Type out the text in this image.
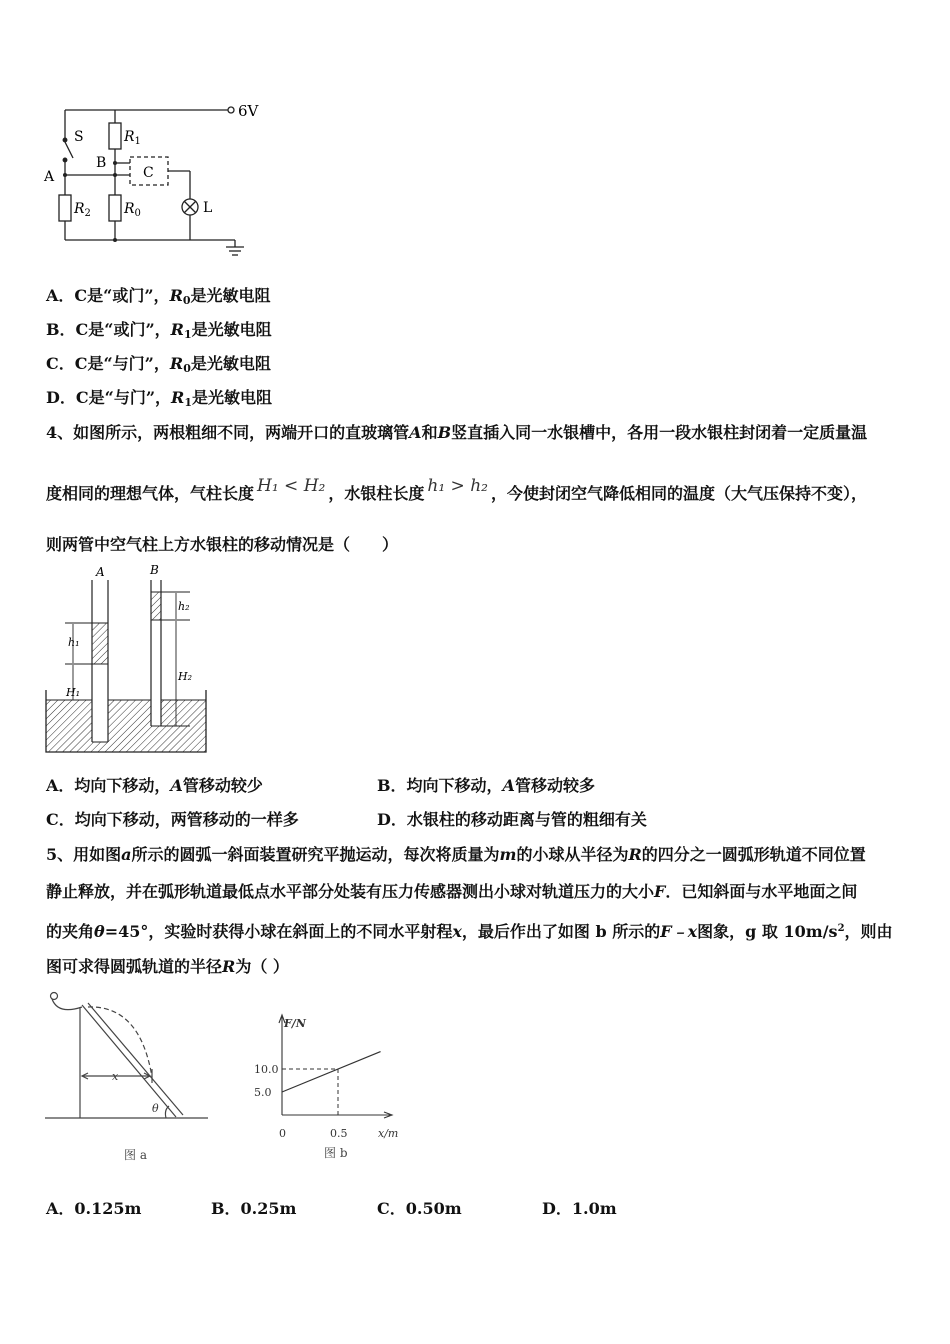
6V
S
A
B
$R_1$
$R_2$ $R_0$
C
L
A．C是“或门”，$R_0$是光敏电阻
B．C是“或门”，$R_1$是光敏电阻
C．C是“与门”，$R_0$是光敏电阻
D．C是“与门”，$R_1$是光敏电阻
4、如图所示，两根粗细不同，两端开口的直玻璃管A和B竖直插入同一水银槽中，各用一段水银柱封闭着一定质量温
度相同的理想气体，气柱长度 H₁ < H₂ ，水银柱长度 h₁ > h₂ ，今使封闭空气降低相同的温度（大气压保持不变），
则两管中空气柱上方水银柱的移动情况是（　　）
A	B
h₁
H₁
h₂
H₂
A．均向下移动，A管移动较少	B．均向下移动，A管移动较多
C．均向下移动，两管移动的一样多	D．水银柱的移动距离与管的粗细有关
5、用如图a所示的圆弧一斜面装置研究平抛运动，每次将质量为m的小球从半径为R的四分之一圆弧形轨道不同位置
静止释放，并在弧形轨道最低点水平部分处装有压力传感器测出小球对轨道压力的大小F．已知斜面与水平地面之间
的夹角θ=45°，实验时获得小球在斜面上的不同水平射程x，最后作出了如图 b 所示的F﹣x图象，g 取 $10m/s^2$，则由
图可求得圆弧轨道的半径R为（ ）
x
θ
图 a
5.0
10.0
0	0.5
F/N
x/m
图 b
A．0.125m	B．0.25m	C．0.50m	D．1.0m
